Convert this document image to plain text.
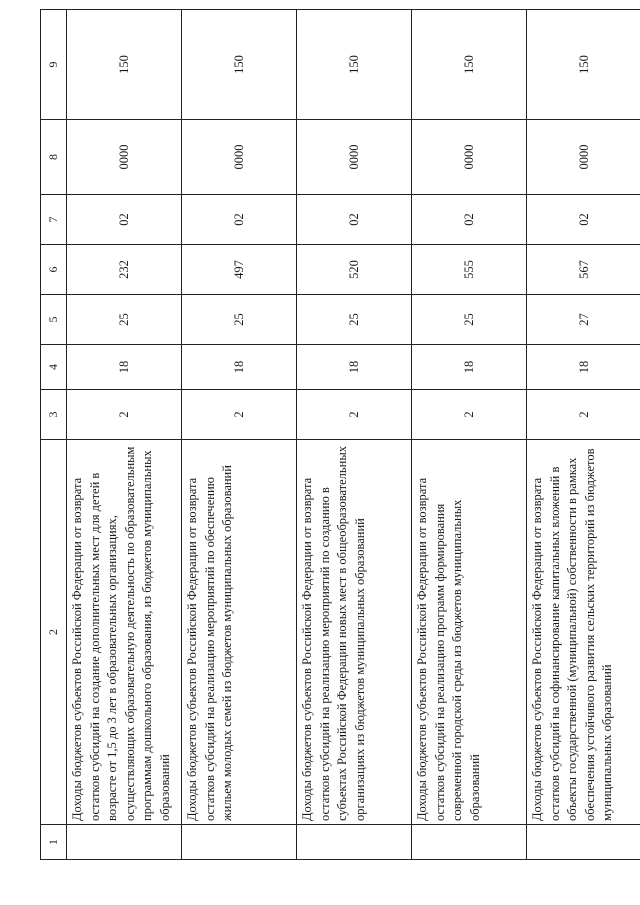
1	2	3	4	5	6	7	8	9
	Доходы бюджетов субъектов Российской Федерации от возврата остатков субсидий на создание дополнительных мест для детей в возрасте от 1,5 до 3 лет в образовательных организациях, осуществляющих образовательную деятельность по образовательным программам дошкольного образования, из бюджетов муниципальных образований	2	18	25	232	02	0000	150
	Доходы бюджетов субъектов Российской Федерации от возврата остатков субсидий на реализацию мероприятий по обеспечению жильем молодых семей из бюджетов муниципальных образований	2	18	25	497	02	0000	150
	Доходы бюджетов субъектов Российской Федерации от возврата остатков субсидий на реализацию мероприятий по созданию в субъектах Российской Федерации новых мест в общеобразовательных организациях из бюджетов муниципальных образований	2	18	25	520	02	0000	150
	Доходы бюджетов субъектов Российской Федерации от возврата остатков субсидий на реализацию программ формирования современной городской среды из бюджетов муниципальных образований	2	18	25	555	02	0000	150
	Доходы бюджетов субъектов Российской Федерации от возврата остатков субсидий на софинансирование капитальных вложений в объекты государственной (муниципальной) собственности в рамках обеспечения устойчивого развития сельских территорий из бюджетов муниципальных образований	2	18	27	567	02	0000	150
